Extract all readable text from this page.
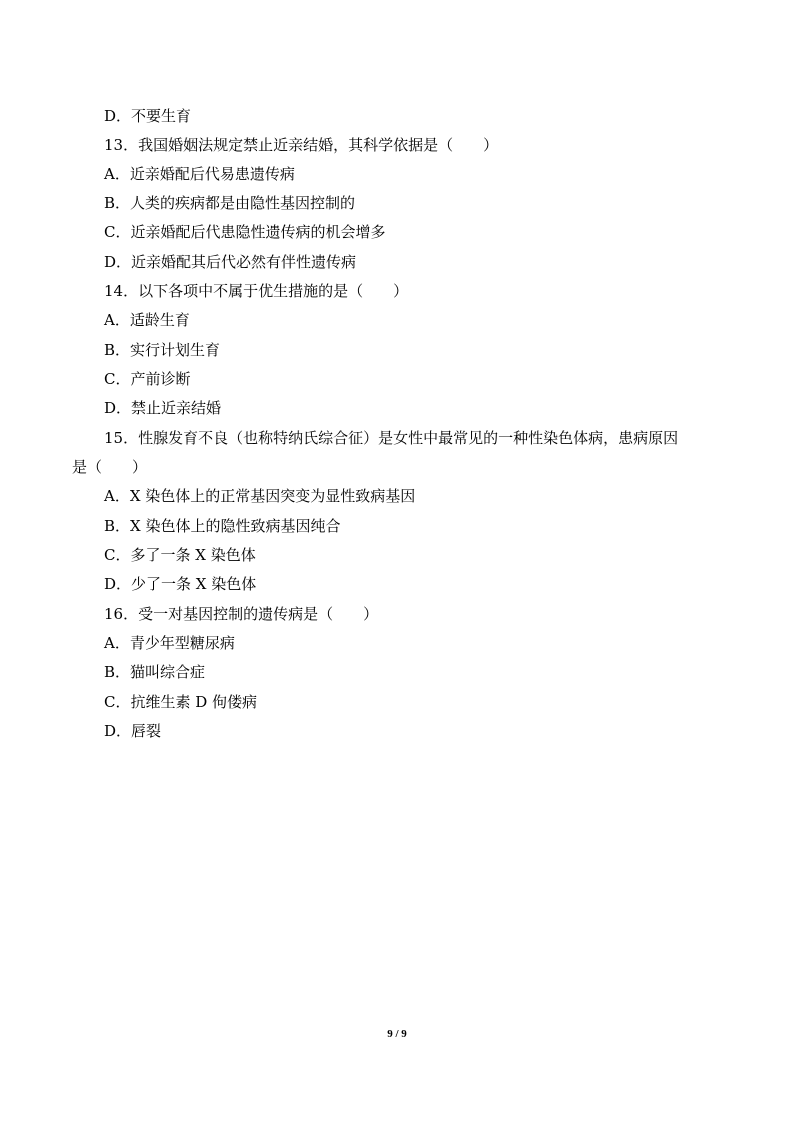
D．不要生育
13．我国婚姻法规定禁止近亲结婚，其科学依据是（　　）
A．近亲婚配后代易患遗传病
B．人类的疾病都是由隐性基因控制的
C．近亲婚配后代患隐性遗传病的机会增多
D．近亲婚配其后代必然有伴性遗传病
14．以下各项中不属于优生措施的是（　　）
A．适龄生育
B．实行计划生育
C．产前诊断
D．禁止近亲结婚
15．性腺发育不良（也称特纳氏综合征）是女性中最常见的一种性染色体病，患病原因
是（　　）
A．X 染色体上的正常基因突变为显性致病基因
B．X 染色体上的隐性致病基因纯合
C．多了一条 X 染色体
D．少了一条 X 染色体
16．受一对基因控制的遗传病是（　　）
A．青少年型糖尿病
B．猫叫综合症
C．抗维生素 D 佝偻病
D．唇裂
9 / 9
